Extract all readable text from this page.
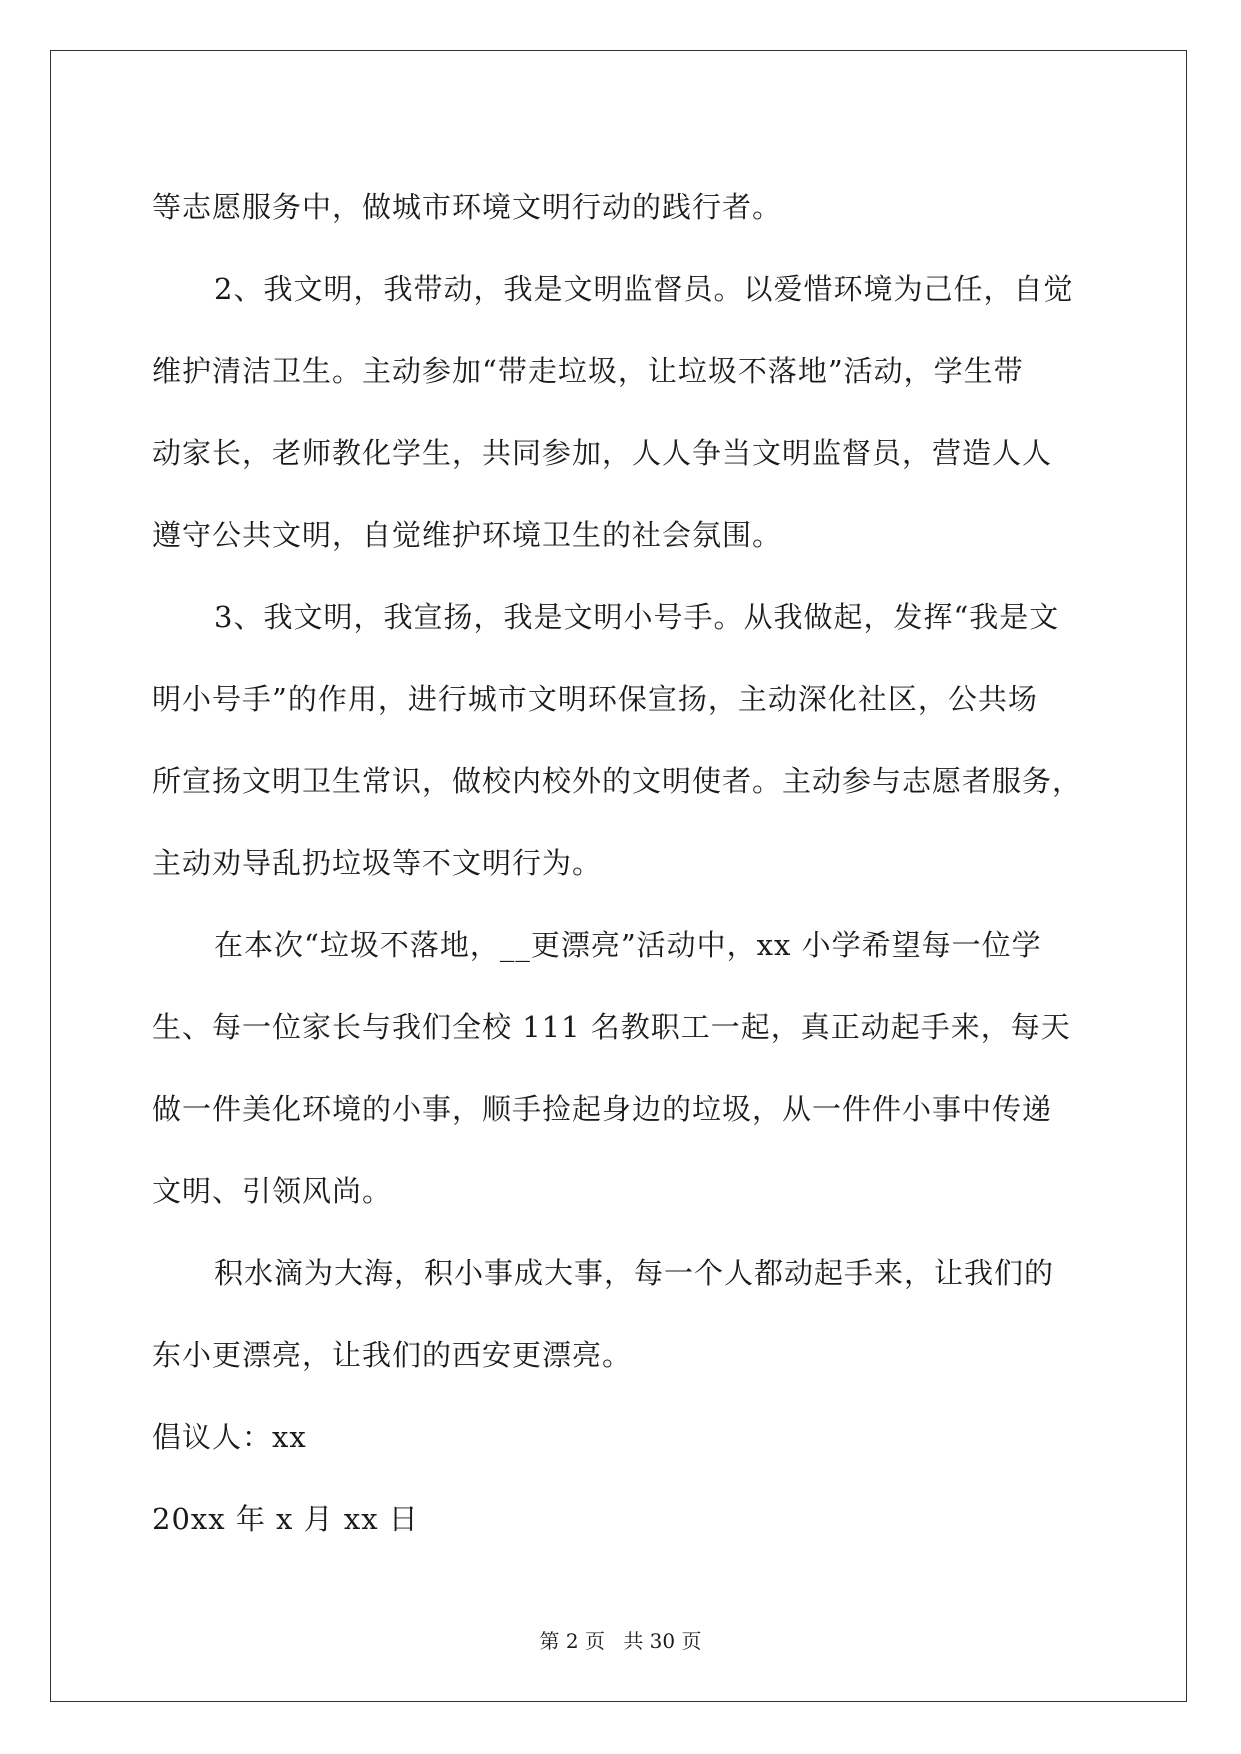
等志愿服务中，做城市环境文明行动的践行者。
2、我文明，我带动，我是文明监督员。以爱惜环境为己任，自觉
维护清洁卫生。主动参加“带走垃圾，让垃圾不落地”活动，学生带
动家长，老师教化学生，共同参加，人人争当文明监督员，营造人人
遵守公共文明，自觉维护环境卫生的社会氛围。
3、我文明，我宣扬，我是文明小号手。从我做起，发挥“我是文
明小号手”的作用，进行城市文明环保宣扬，主动深化社区，公共场
所宣扬文明卫生常识，做校内校外的文明使者。主动参与志愿者服务，
主动劝导乱扔垃圾等不文明行为。
在本次“垃圾不落地，__更漂亮”活动中，xx 小学希望每一位学
生、每一位家长与我们全校 111 名教职工一起，真正动起手来，每天
做一件美化环境的小事，顺手捡起身边的垃圾，从一件件小事中传递
文明、引领风尚。
积水滴为大海，积小事成大事，每一个人都动起手来，让我们的
东小更漂亮，让我们的西安更漂亮。
倡议人：xx
20xx 年 x 月 xx 日
第 2 页 共 30 页
